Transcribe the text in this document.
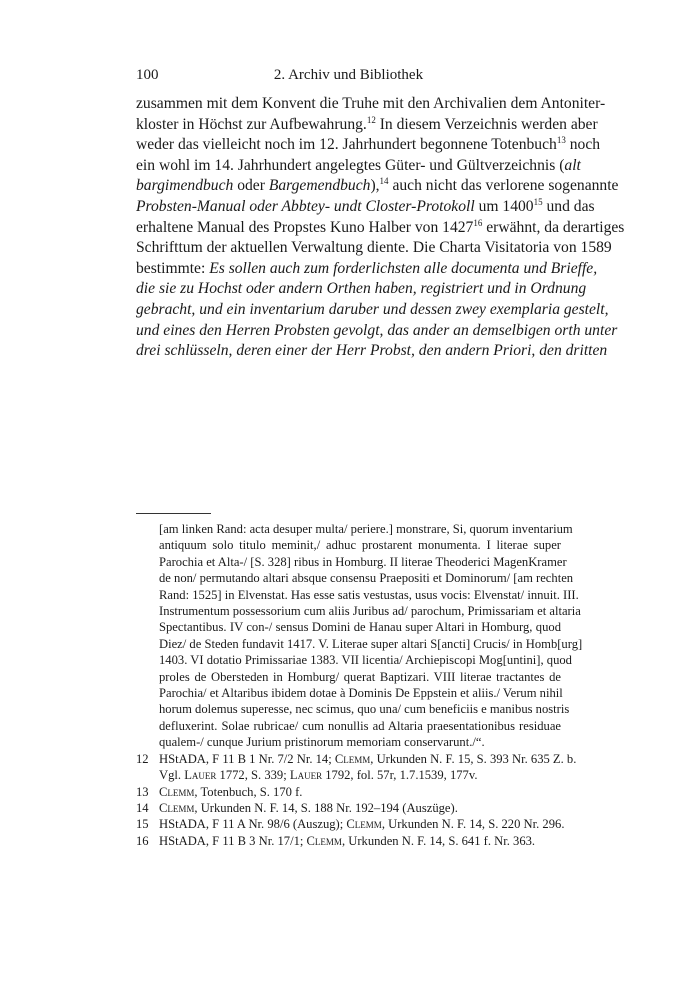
100	2. Archiv und Bibliothek
zusammen mit dem Konvent die Truhe mit den Archivalien dem Antoniter-
kloster in Höchst zur Aufbewahrung.$^{12}$ In diesem Verzeichnis werden aber
weder das vielleicht noch im 12. Jahrhundert begonnene Totenbuch$^{13}$ noch
ein wohl im 14. Jahrhundert angelegtes Güter- und Gültverzeichnis (alt
bargimendbuch oder Bargemendbuch),$^{14}$ auch nicht das verlorene sogenannte
Probsten-Manual oder Abbtey- undt Closter-Protokoll um 1400$^{15}$ und das
erhaltene Manual des Propstes Kuno Halber von 1427$^{16}$ erwähnt, da derartiges
Schrifttum der aktuellen Verwaltung diente. Die Charta Visitatoria von 1589
bestimmte: Es sollen auch zum forderlichsten alle documenta und Brieffe,
die sie zu Hochst oder andern Orthen haben, registriert und in Ordnung
gebracht, und ein inventarium daruber und dessen zwey exemplaria gestelt,
und eines den Herren Probsten gevolgt, das ander an demselbigen orth unter
drei schlüsseln, deren einer der Herr Probst, den andern Priori, den dritten
[am linken Rand: acta desuper multa/ periere.] monstrare, Si, quorum inventarium
antiquum solo titulo meminit,/ adhuc prostarent monumenta. I literae super
Parochia et Alta-/ [S. 328] ribus in Homburg. II literae Theoderici MagenKramer
de non/ permutando altari absque consensu Praepositi et Dominorum/ [am rechten
Rand: 1525] in Elvenstat. Has esse satis vestustas, usus vocis: Elvenstat/ innuit. III.
Instrumentum possessorium cum aliis Juribus ad/ parochum, Primissariam et altaria
Spectantibus. IV con-/ sensus Domini de Hanau super Altari in Homburg, quod
Diez/ de Steden fundavit 1417. V. Literae super altari S[ancti] Crucis/ in Homb[urg]
1403. VI dotatio Primissariae 1383. VII licentia/ Archiepiscopi Mog[untini], quod
proles de Obersteden in Homburg/ querat Baptizari. VIII literae tractantes de
Parochia/ et Altaribus ibidem dotae à Dominis De Eppstein et aliis./ Verum nihil
horum dolemus superesse, nec scimus, quo una/ cum beneficiis e manibus nostris
defluxerint. Solae rubricae/ cum nonullis ad Altaria praesentationibus residuae
qualem-/ cunque Jurium pristinorum memoriam conservarunt./“.
12 HStADA, F 11 B 1 Nr. 7/2 Nr. 14; Clemm, Urkunden N. F. 15, S. 393 Nr. 635 Z. b.
Vgl. Lauer 1772, S. 339; Lauer 1792, fol. 57r, 1.7.1539, 177v.
13 Clemm, Totenbuch, S. 170 f.
14 Clemm, Urkunden N. F. 14, S. 188 Nr. 192–194 (Auszüge).
15 HStADA, F 11 A Nr. 98/6 (Auszug); Clemm, Urkunden N. F. 14, S. 220 Nr. 296.
16 HStADA, F 11 B 3 Nr. 17/1; Clemm, Urkunden N. F. 14, S. 641 f. Nr. 363.
